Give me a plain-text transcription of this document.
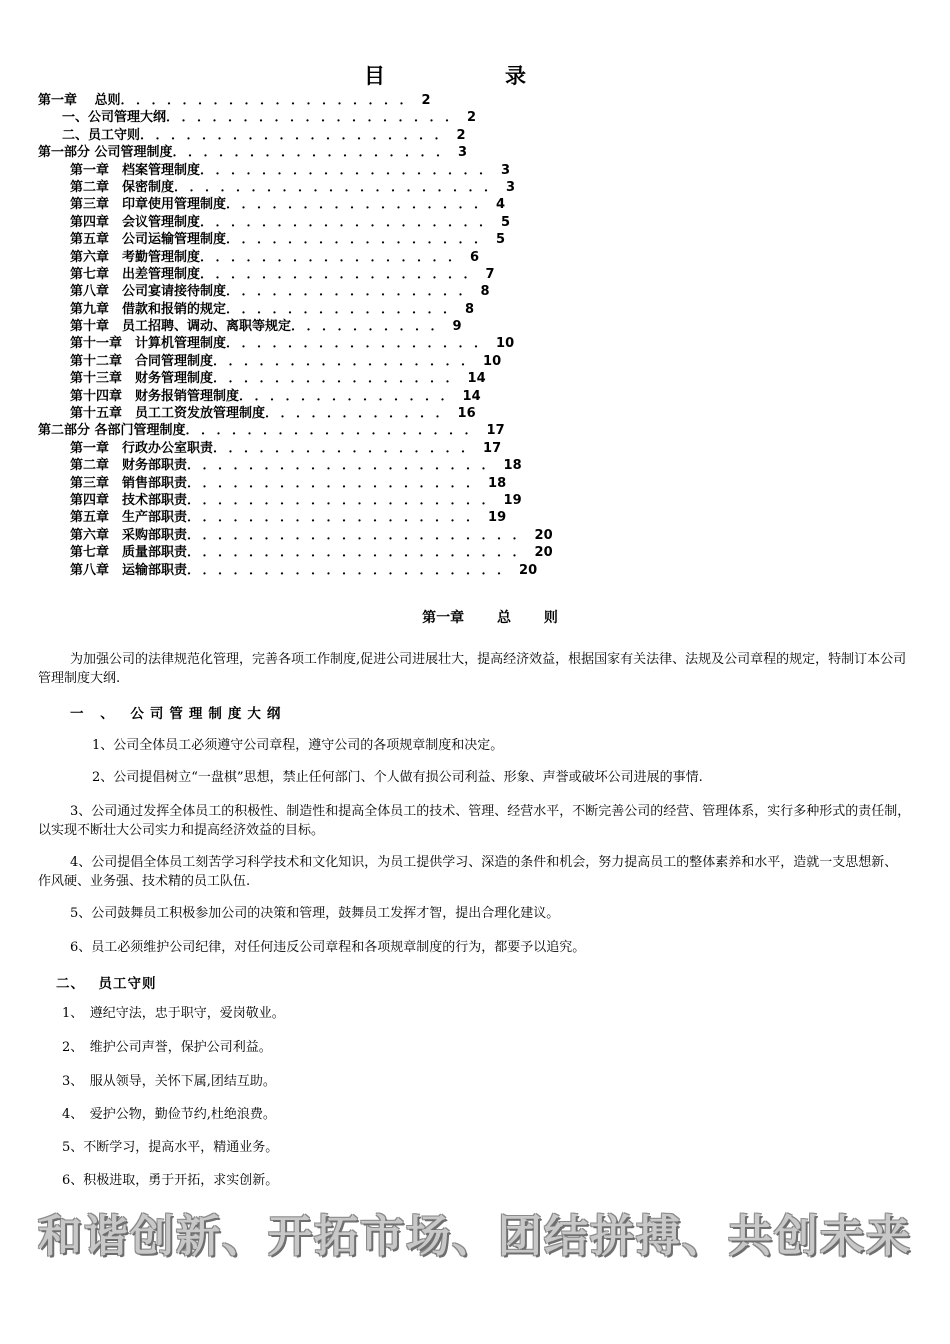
目录
第一章　 总则．．．．．．．．．．．．．．．．．．．2
一、公司管理大纲．．．．．．．．．．．．．．．．．．．2
二、员工守则．．．．．．．．．．．．．．．．．．．．2
第一部分 公司管理制度．．．．．．．．．．．．．．．．．．3
第一章　档案管理制度．．．．．．．．．．．．．．．．．．．3
第二章　保密制度．．．．．．．．．．．．．．．．．．．．．3
第三章　印章使用管理制度．．．．．．．．．．．．．．．．．4
第四章　会议管理制度．．．．．．．．．．．．．．．．．．．5
第五章　公司运输管理制度．．．．．．．．．．．．．．．．．5
第六章　考勤管理制度．．．．．．．．．．．．．．．．．6
第七章　出差管理制度．．．．．．．．．．．．．．．．．．7
第八章　公司宴请接待制度．．．．．．．．．．．．．．．．8
第九章　借款和报销的规定．．．．．．．．．．．．．．．8
第十章　员工招聘、调动、离职等规定．．．．．．．．．．9
第十一章　计算机管理制度．．．．．．．．．．．．．．．．．10
第十二章　合同管理制度．．．．．．．．．．．．．．．．．10
第十三章　财务管理制度．．．．．．．．．．．．．．．．14
第十四章　财务报销管理制度．．．．．．．．．．．．．．14
第十五章　员工工资发放管理制度．．．．．．．．．．．．16
第二部分 各部门管理制度．．．．．．．．．．．．．．．．．．．17
第一章　行政办公室职责．．．．．．．．．．．．．．．．．17
第二章　财务部职责．．．．．．．．．．．．．．．．．．．．18
第三章　销售部职责．．．．．．．．．．．．．．．．．．．18
第四章　技术部职责．．．．．．．．．．．．．．．．．．．．19
第五章　生产部职责．．．．．．．．．．．．．．．．．．．19
第六章　采购部职责．．．．．．．．．．．．．．．．．．．．．．20
第七章　质量部职责．．．．．．．．．．．．．．．．．．．．．．20
第八章　运输部职责．．．．．．．．．．．．．．．．．．．．．20
第一章 总 则
为加强公司的法律规范化管理，完善各项工作制度,促进公司进展壮大，提高经济效益，根据国家有关法律、法规及公司章程的规定，特制订本公司管理制度大纲.
一 、 公司管理制度大纲
1、公司全体员工必须遵守公司章程，遵守公司的各项规章制度和决定。
2、公司提倡树立“一盘棋”思想，禁止任何部门、个人做有损公司利益、形象、声誉或破坏公司进展的事情.
3、公司通过发挥全体员工的积极性、制造性和提高全体员工的技术、管理、经营水平，不断完善公司的经营、管理体系，实行多种形式的责任制，以实现不断壮大公司实力和提高经济效益的目标。
4、公司提倡全体员工刻苦学习科学技术和文化知识，为员工提供学习、深造的条件和机会，努力提高员工的整体素养和水平，造就一支思想新、作风硬、业务强、技术精的员工队伍.
5、公司鼓舞员工积极参加公司的决策和管理，鼓舞员工发挥才智，提出合理化建议。
6、员工必须维护公司纪律，对任何违反公司章程和各项规章制度的行为，都要予以追究。
二、　 员工守则
1、　遵纪守法，忠于职守，爱岗敬业。
2、　维护公司声誉，保护公司利益。
3、　服从领导，关怀下属,团结互助。
4、　爱护公物，勤俭节约,杜绝浪费。
5、不断学习，提高水平，精通业务。
6、积极进取，勇于开拓，求实创新。
和谐创新、开拓市场、团结拼搏、共创未来
